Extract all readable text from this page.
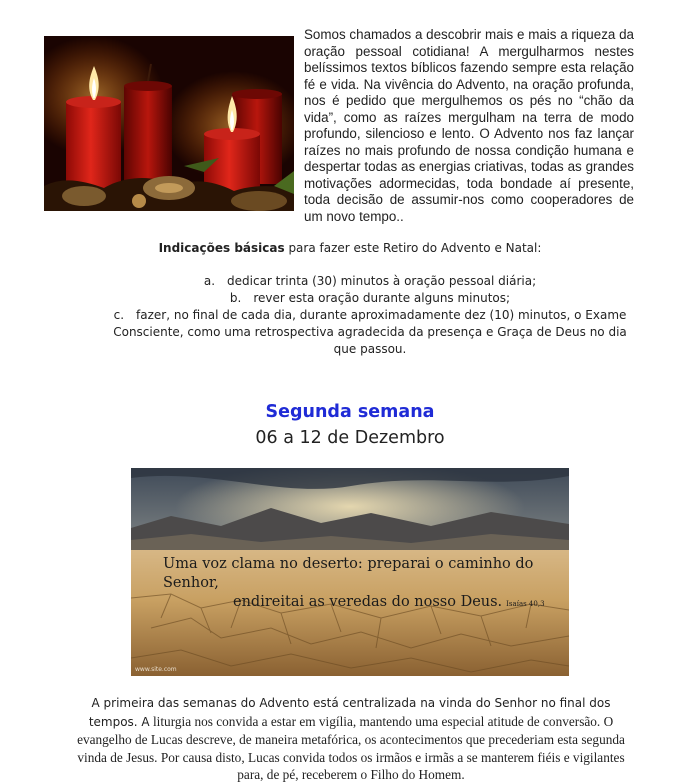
Somos chamados a descobrir mais e mais a riqueza da oração pessoal cotidiana! A mergulharmos nestes belíssimos textos bíblicos fazendo sempre esta relação fé e vida. Na vivência do Advento, na oração profunda, nos é pedido que mergulhemos os pés no “chão da vida”, como as raízes mergulham na terra de modo profundo, silencioso e lento. O Advento nos faz lançar raízes no mais profundo de nossa condição humana e despertar todas as energias criativas, todas as grandes motivações adormecidas, toda bondade aí presente, toda decisão de assumir-nos como cooperadores de um novo tempo..
Indicações básicas para fazer este Retiro do Advento e Natal:
a. dedicar trinta (30) minutos à oração pessoal diária;
b. rever esta oração durante alguns minutos;
c. fazer, no final de cada dia, durante aproximadamente dez (10) minutos, o Exame Consciente, como uma retrospectiva agradecida da presença e Graça de Deus no dia que passou.
Segunda semana
06 a 12 de Dezembro
Uma voz clama no deserto: preparai o caminho do Senhor,
endireitai as veredas do nosso Deus. Isaías 40,3
www.site.com
A primeira das semanas do Advento está centralizada na vinda do Senhor no final dos tempos. A liturgia nos convida a estar em vigília, mantendo uma especial atitude de conversão. O evangelho de Lucas descreve, de maneira metafórica, os acontecimentos que precederiam esta segunda vinda de Jesus. Por causa disto, Lucas convida todos os irmãos e irmãs a se manterem fiéis e vigilantes para, de pé, receberem o Filho do Homem.
